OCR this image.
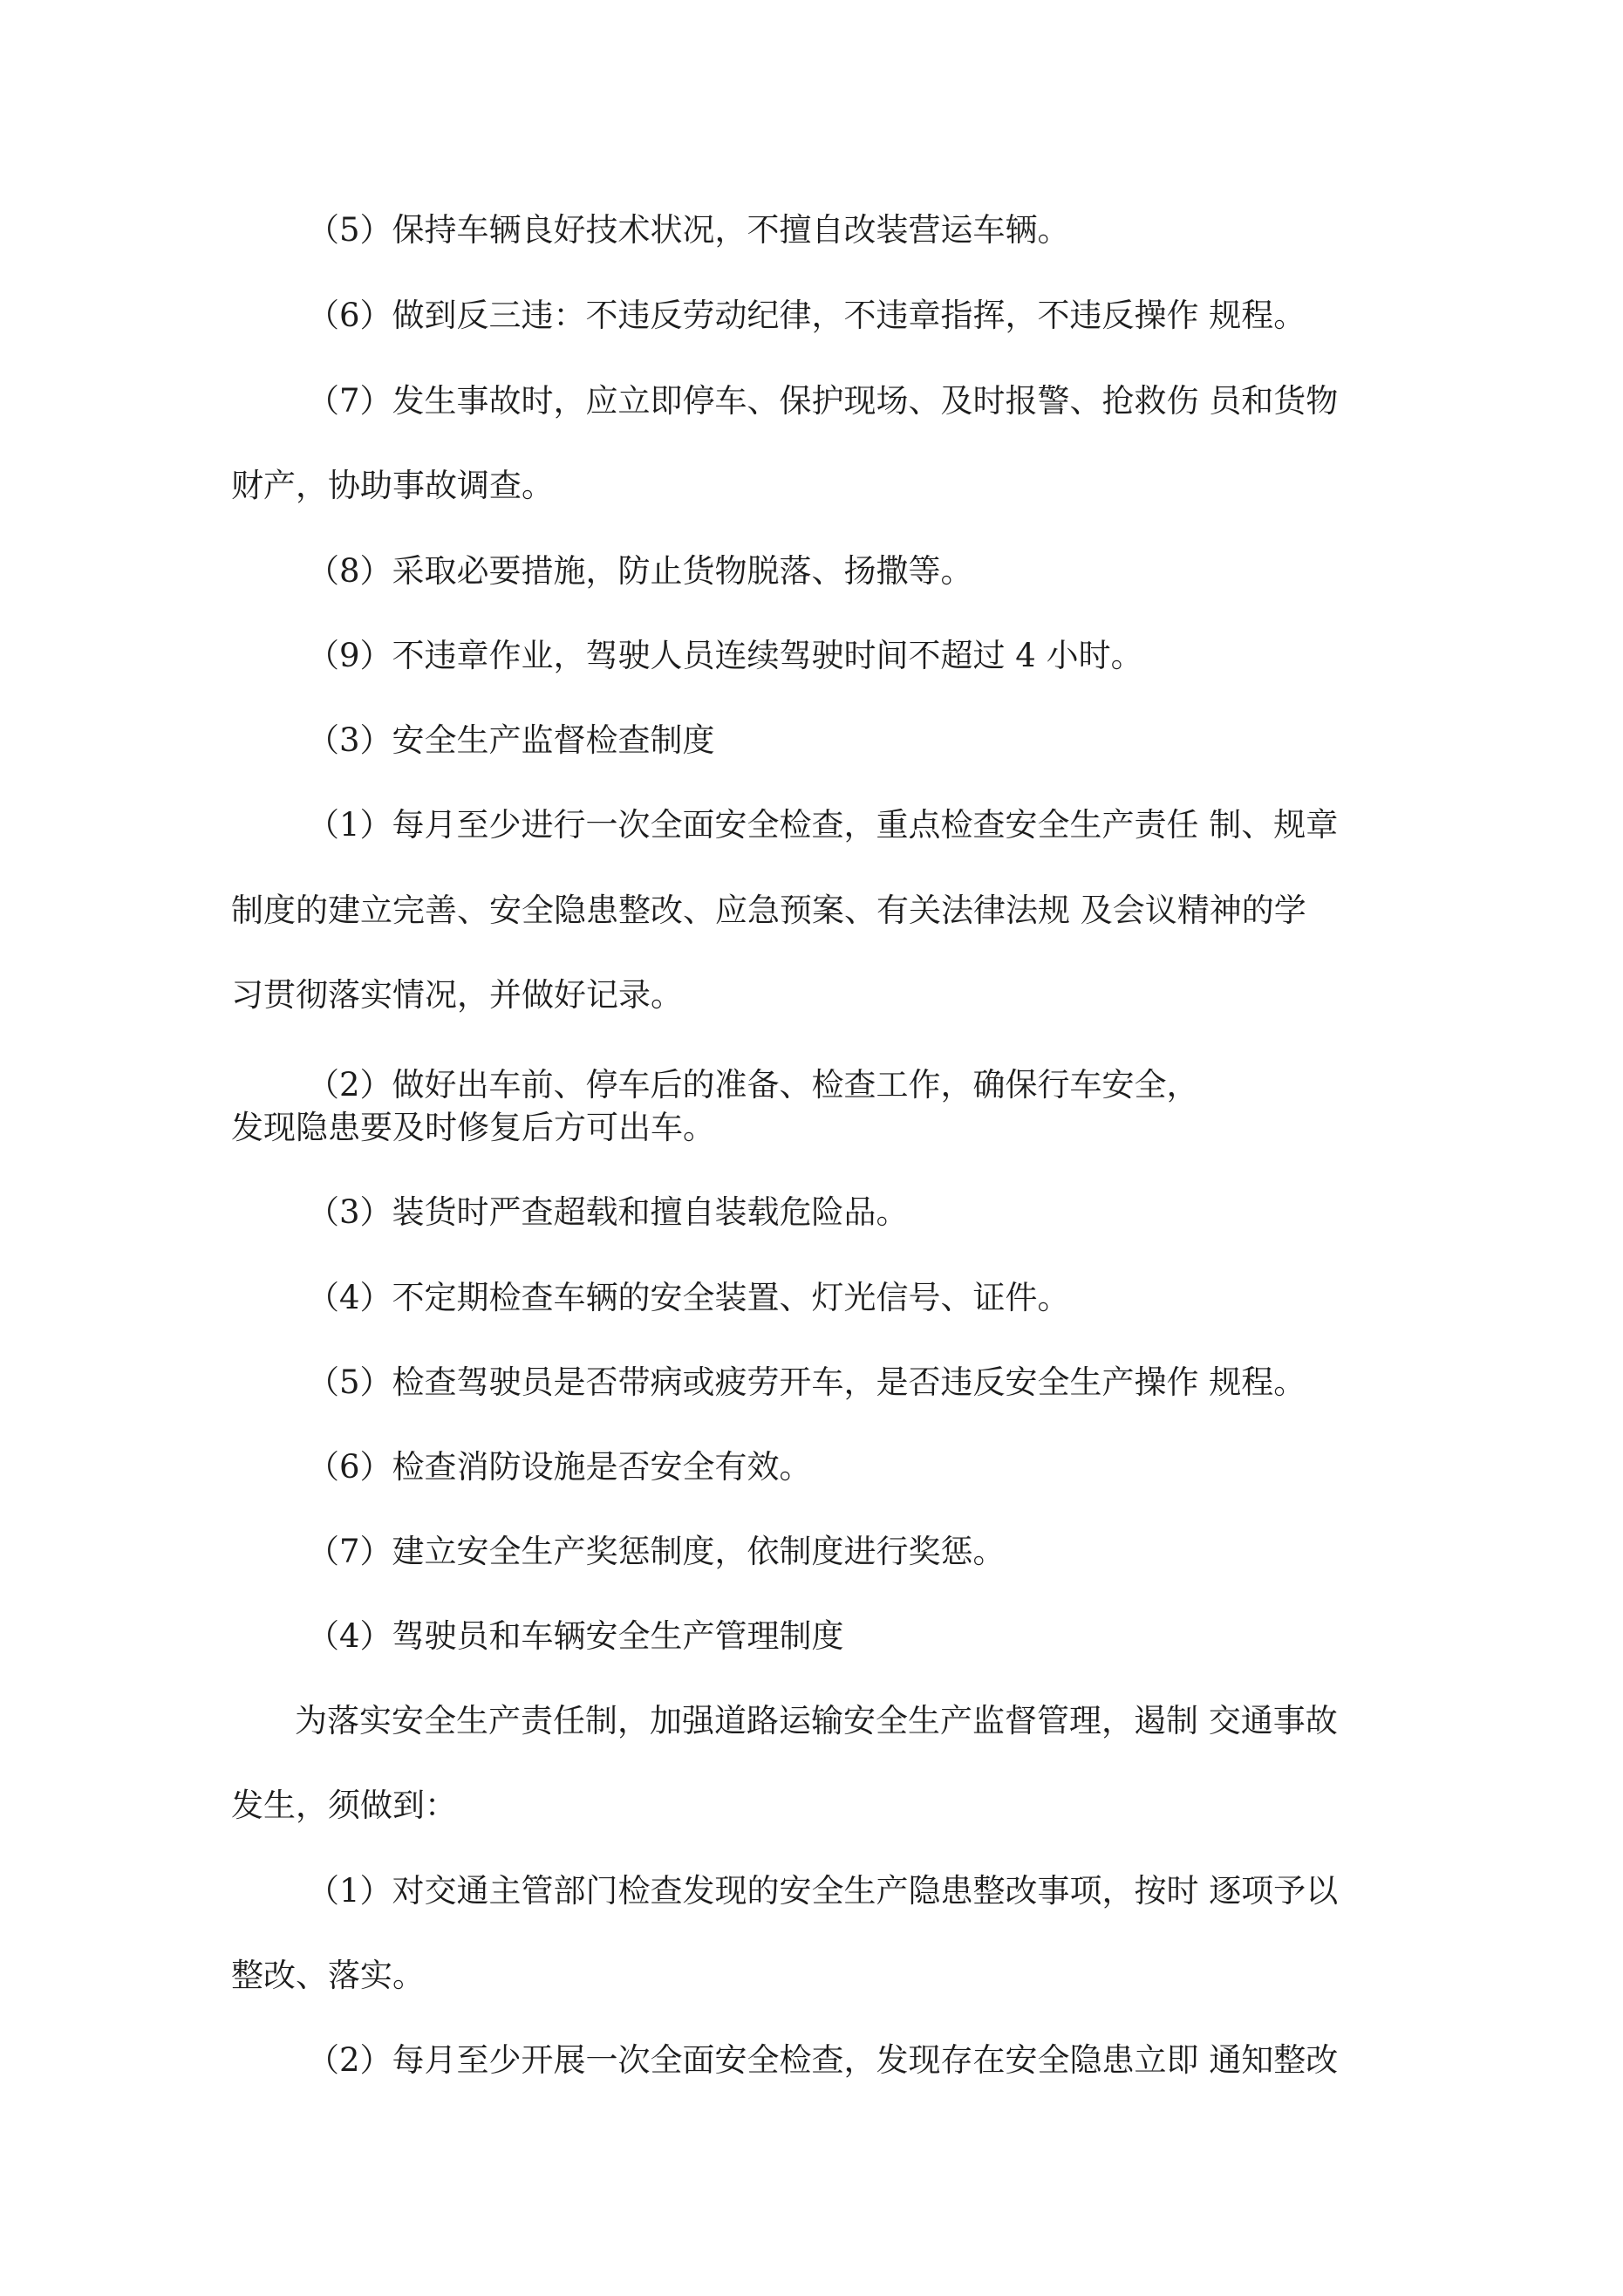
（5）保持车辆良好技术状况，不擅自改装营运车辆。

（6）做到反三违：不违反劳动纪律，不违章指挥，不违反操作 规程。

（7）发生事故时，应立即停车、保护现场、及时报警、抢救伤 员和货物

财产，协助事故调查。

（8）采取必要措施，防止货物脱落、扬撒等。

（9）不违章作业，驾驶人员连续驾驶时间不超过 4 小时。

（3）安全生产监督检查制度

（1）每月至少进行一次全面安全检查，重点检查安全生产责任 制、规章

制度的建立完善、安全隐患整改、应急预案、有关法律法规 及会议精神的学

习贯彻落实情况，并做好记录。

（2）做好出车前、停车后的准备、检查工作，确保行车安全，

发现隐患要及时修复后方可出车。

（3）装货时严查超载和擅自装载危险品。

（4）不定期检查车辆的安全装置、灯光信号、证件。

（5）检查驾驶员是否带病或疲劳开车，是否违反安全生产操作 规程。

（6）检查消防设施是否安全有效。

（7）建立安全生产奖惩制度，依制度进行奖惩。

（4）驾驶员和车辆安全生产管理制度

为落实安全生产责任制，加强道路运输安全生产监督管理，遏制 交通事故

发生，须做到：

（1）对交通主管部门检查发现的安全生产隐患整改事项，按时 逐项予以

整改、落实。

（2）每月至少开展一次全面安全检查，发现存在安全隐患立即 通知整改
